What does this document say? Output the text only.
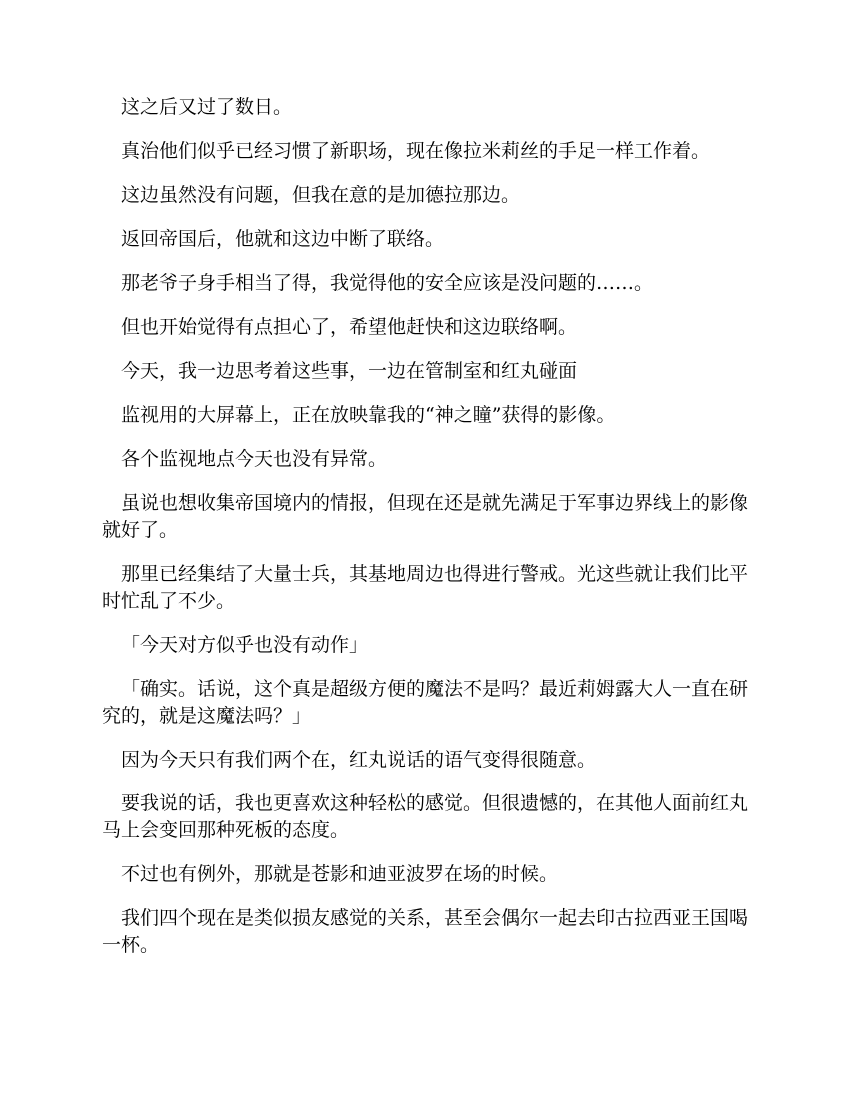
这之后又过了数日。

真治他们似乎已经习惯了新职场，现在像拉米莉丝的手足一样工作着。

这边虽然没有问题，但我在意的是加德拉那边。

返回帝国后，他就和这边中断了联络。

那老爷子身手相当了得，我觉得他的安全应该是没问题的……。

但也开始觉得有点担心了，希望他赶快和这边联络啊。

今天，我一边思考着这些事，一边在管制室和红丸碰面

监视用的大屏幕上，正在放映靠我的“神之瞳”获得的影像。

各个监视地点今天也没有异常。

虽说也想收集帝国境内的情报，但现在还是就先满足于军事边界线上的影像就好了。

那里已经集结了大量士兵，其基地周边也得进行警戒。光这些就让我们比平时忙乱了不少。

「今天对方似乎也没有动作」

「确实。话说，这个真是超级方便的魔法不是吗？最近莉姆露大人一直在研究的，就是这魔法吗？」

因为今天只有我们两个在，红丸说话的语气变得很随意。

要我说的话，我也更喜欢这种轻松的感觉。但很遗憾的，在其他人面前红丸马上会变回那种死板的态度。

不过也有例外，那就是苍影和迪亚波罗在场的时候。

我们四个现在是类似损友感觉的关系，甚至会偶尔一起去印古拉西亚王国喝一杯。
